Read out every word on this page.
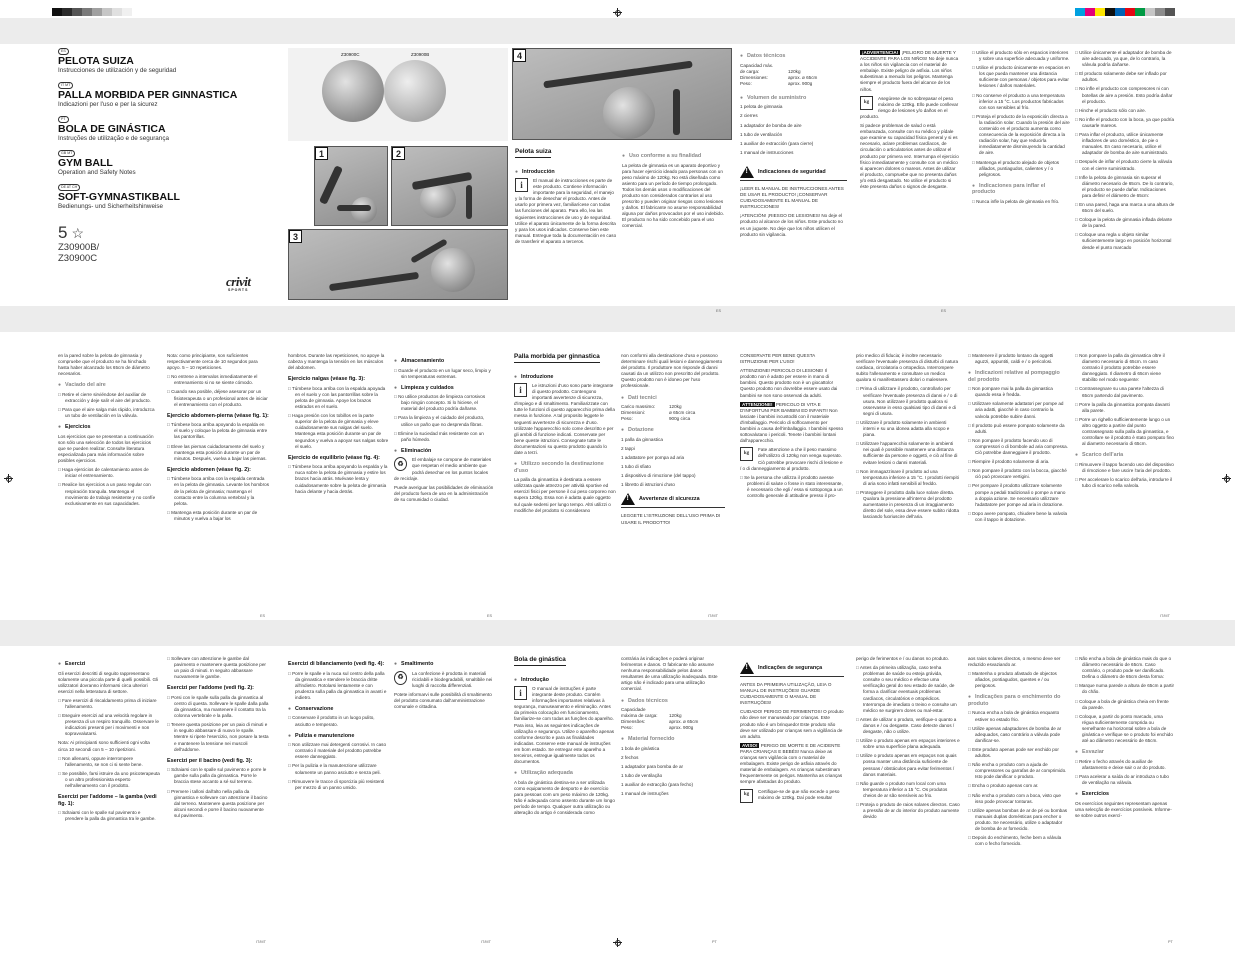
ES
PELOTA SUIZA
Instrucciones de utilización y de seguridad
IT MT
PALLA MORBIDA PER GINNASTICA
Indicazioni per l'uso e per la sicurez
PT
BOLA DE GINÁSTICA
Instruções de utilização e de segurança
GB MT
GYM BALL
Operation and Safety Notes
DE AT CH
SOFT-GYMNASTIKBALL
Bedienungs- und Sicherheitshinweise
5 ☆
Z30900B/
Z30900C
crivit
SPORTS
Z30900C	Z30900B
1	2
3
4
Pelota suiza
● Introducción

i	El manual de instrucciones es parte de este producto. Contiene información importante para la seguridad, el manejo y la forma de desechar el producto. Antes de usarlo por primera vez, familiarícese con todas las funciones del aparato. Para ello, lea las siguientes instrucciones de uso y de seguridad. Utilice el aparato únicamente de la forma descrita y para los usos indicados. Conserve bien este manual. Entregue toda la documentación en caso de transferir el aparato a terceros.

● Uso conforme a su finalidad

La pelota de gimnasia es un aparato deportivo y para hacer ejercicio ideado para personas con un peso máximo de 120kg. No está diseñada como asiento para un período de tiempo prolongado. Todos los demás usos o modificaciones del producto son considerados contrarios al uso prescrito y pueden originar riesgos como lesiones y daños. El fabricante no asume responsabilidad alguna por daños provocados por el uso indebido. El producto no ha sido concebido para el uso comercial.

● Datos técnicos
Capacidad máx.
de carga:	120kg
Dimensiones:	aprox. ø 65cm
Peso:	aprox. 900g
● Volumen de suministro

1 pelota de gimnasia

2 cierres

1 adaptador de bomba de aire

1 tubo de ventilación

1 auxiliar de extracción (para cierre)

1 manual de instrucciones

!
Indicaciones de seguridad

¡LEER EL MANUAL DE INSTRUCCIONES ANTES DE USAR EL PRODUCTO! ¡CONSERVAR CUIDADOSAMENTE EL MANUAL DE INSTRUCCIONES!

¡ATENCIÓN! ¡RIESGO DE LESIONES! No deje el producto al alcance de los niños. Este producto no es un juguete. No deje que los niños utilicen el producto sin vigilancia.

¡ADVERTENCIA! ¡PELIGRO DE MUERTE Y ACCIDENTE PARA LOS NIÑOS! No deje nunca a los niños sin vigilancia con el material de embalaje. Existe peligro de asfixia. Los niños subestiman a menudo los peligros. Mantenga siempre el producto fuera del alcance de los niños.

kg
Asegúrese de no sobrepasar el peso máximo de 120kg. Ello puede conllevar riesgo de lesiones y/o daños en el producto.

Si padece problemas de salud o está embarazada, consulte con su médico y pídale que examine su capacidad física general y si es necesario, aclare problemas cardíacos, de circulación o articulatorios antes de utilizar el producto por primera vez. Interrumpa el ejercicio físico inmediatamente y consulte con un médico si aparecen dolores o mareos. Antes de utilizar el producto, compruebe que no presenta daños y/o está desgastado. No utilice el producto si éste presenta daños o signos de desgaste.

□ Utilice el producto sólo en espacios interiores y sobre una superficie adecuada y uniforme.

□ Utilice el producto únicamente en espacios en los que pueda mantener una distancia suficiente con personas / objetos para evitar lesiones / daños materiales.

□ No conserve el producto a una temperatura inferior a 15 °C. Los productos fabricados con son sensibles al frío.

□ Proteja el producto de la exposición directa a la radiación solar. Cuando la presión del aire contenido en el producto aumenta como consecuencia de la exposición directa a la radiación solar, hay que reducirla inmediatamente disminuyendo la cantidad de aire.

□ Mantenga el producto alejado de objetos afilados, puntiagudos, calientes y / o peligrosos.

● Indicaciones para inflar el producto

□ Nunca infle la pelota de gimnasia en frío.

□ Utilice únicamente el adaptador de bomba de aire adecuado, ya que, de lo contrario, la válvula podría dañarse.

□ El producto solamente debe ser inflado por adultos.

□ No infle el producto con compresores ni con botellas de aire a presión. Esto podría dañar el producto.

□ Hinche el producto sólo con aire.

□ No infle el producto con la boca, ya que podría causarle mareos.

□ Para inflar el producto, utilice únicamente infladores de uso doméstico, de pie o manuales. En caso necesario, utilice el adaptador de bomba de aire suministrado.

□ Después de inflar el producto cierre la válvula con el cierre suministrado.

□ Infle la pelota de gimnasia sin superar el diámetro necesario de 65cm. De lo contrario, el producto se puede dañar. Indicaciones para definir el diámetro de 65cm:

□ En una pared, haga una marca a una altura de 65cm del suelo.

□ Coloque la pelota de gimnasia inflada delante de la pared.

□ Coloque una regla u objeto similar suficientemente largo en posición horizontal desde el punto marcado

ES	ES

en la pared sobre la pelota de gimnasia y compruebe que el producto se ha hinchado hasta haber alcanzado los 65cm de diámetro necesarios.

● Vaciado del aire

□ Retire el cierre sirviéndose del auxiliar de extracción y deje salir el aire del producto.

□ Para que el aire salga más rápido, introduzca un tubo de ventilación en la válvula.

● Ejercicios

Los ejercicios que se presentan a continuación son sólo una selección de todos los ejercicios que se pueden realizar. Consulte literatura especializada para más información sobre posibles ejercicios.

□ Haga ejercicios de calentamiento antes de iniciar el entrenamiento.

□ Realice los ejercicios a un paso regular con respiración tranquila. Mantenga el movimiento de trabajo resistente y no confíe exclusivamente en sus capacidades.

Nota: como principiante, son suficientes respectivamente cerca de 10 segundos para apoyo. 5 – 10 repeticiones.

□ No entrene a intervalos inmediatamente el entrenamiento si no se siente cómodo.

□ Cuando sea posible, déjese asesorar por un fisioterapeuta o un profesional antes de iniciar el entrenamiento con el producto.

Ejercicio abdomen-pierna (véase fig. 1):

□ Túmbese boca arriba apoyando la espalda en el suelo y coloque la pelota de gimnasia entre las pantorrillas.

□ Eleve las piernas cuidadosamente del suelo y mantenga esta posición durante un par de minutos. Después, vuelva a bajar las piernas.

Ejercicio abdomen (véase fig. 2):

□ Túmbese boca arriba con la espalda centrada en la pelota de gimnasia. Levante los hombros de la pelota de gimnasia; mantenga el contacto entre la columna vertebral y la pelota.

□ Mantenga esta posición durante un par de minutos y vuelva a bajar los

hombros. Durante las repeticiones, no apoye la cabeza y mantenga la tensión en los músculos del abdomen.

Ejercicio nalgas (véase fig. 3):

□ Túmbese boca arriba con la espalda apoyada en el suelo y con las pantorrillas sobre la pelota de gimnasia. Apoye los brazos estirados en el suelo.

□ Haga presión con los tobillos en la parte superior de la pelota de gimnasia y eleve cuidadosamente sus nalgas del suelo. Mantenga esta posición durante un par de segundos y vuelva a apoyar sus nalgas sobre el suelo.

Ejercicio de equilibrio (véase fig. 4):

□ Túmbese boca arriba apoyando la espalda y la nuca sobre la pelota de gimnasia y estire los brazos hacia atrás. Muévase lenta y cuidadosamente sobre la pelota de gimnasia hacia delante y hacia detrás.

● Almacenamiento

□ Guarde el producto en un lugar seco, limpio y sin temperaturas extremas.

● Limpieza y cuidados

□ No utilice productos de limpieza corrosivos bajo ningún concepto. Si lo hiciese, el material del producto podría dañarse.

□ Para la limpieza y el cuidado del producto, utilice un paño que no desprenda fibras.

□ Elimine la suciedad más resistente con un paño húmedo.

● Eliminación

♻
El embalaje se compone de materiales que respetan el medio ambiente que podrá desechar en los puntos locales de reciclaje.

Puede averiguar las posibilidades de eliminación del producto fuera de uso en la administración de su comunidad o ciudad.

Palla morbida per ginnastica
● Introduzione

i	Le istruzioni d'uso sono parte integrante di questo prodotto. Contengono importanti avvertenze di sicurezza, d'impiego e di smaltimento. Familiarizzate con tutte le funzioni di questo apparecchio prima della messa in funzione. A tal proposito leggete le seguenti avvertenze di sicurezza e d'uso. Utilizzate l'apparecchio solo come descritto e per gli ambiti di funzione indicati. Conservate per bene queste istruzioni. Consegnate tutte le documentazioni su questo prodotto quando lo date a terzi.

● Utilizzo secondo la destinazione d'uso

La palla da ginnastica è destinata a essere utilizzata quale attrezzo per attività sportive ed esercizi fisici per persone il cui peso corporeo non supera 120kg. Essa non è adatta quale oggetto sul quale sedersi per lungo tempo. Altri utilizzi o modifiche del prodotto si considerano

non conformi alla destinazione d'uso e possono determinare rischi quali lesioni e danneggiamento del prodotto. Il produttore non risponde di danni causati da un utilizzo non prescritto del prodotto. Questo prodotto non è idoneo per l'uso professionale.

● Dati tecnici
Carico massimo:	120kg
Dimensioni:	ø 65cm circa
Peso:	900g circa
● Dotazione

1 palla da ginnastica

2 tappi

1 adattatore per pompa ad aria

1 tubo di sfiato

1 dispositivo di rimozione (del tappo)

1 libretto di istruzioni d'uso

!
Avvertenze di sicurezza

LEGGETE L'ISTRUZIONE DELL'USO PRIMA DI USARE IL PRODOTTO!

CONSERVATE PER BENE QUESTA ISTRUZIONE PER L'USO!

ATTENZIONE! PERICOLO DI LESIONE! Il prodotto non è adatto per essere in mano di bambini. Questo prodotto non è un giocattolo! Questo prodotto non dovrebbe essere usato dai bambini se non sono osservati da adulti.

ATTENZIONE! PERICOLO DI VITA E D'INFORTUNI PER BAMBINI ED INFANTI! Non lasciate i bambini incustoditi con il materiale d'imballaggio. Pericolo di soffocamento per bambini a causa dell'imballaggio. I bambini spesso sottovalutano i pericoli. Tenete i bambini lontani dall'apparecchio.

kg
Fate attenzione a che il peso massimo dell'utilizzo di 120kg non venga superato. Ciò potrebbe provocare rischi di lesione e / o di danneggiamento al prodotto.

□ Se la persona che utilizza il prodotto avesse problemi di salute o fosse in stato interessante, è necessario che egli / essa si sottoponga a un controllo generale di attitudine presso il pro-

prio medico di fiducia; è inoltre necessario verificare l'eventuale presenza di disturbi di natura cardiaca, circolatoria o ortopedica. Interrompere subito l'allenamento e consultare un medico qualora si manifestassero dolori o malessere.

□ Prima di utilizzare il prodotto, controllarlo per verificare l'eventuale presenza di danni e / o di usura. Non utilizzare il prodotto qualora si osservasse in esso qualsiasi tipo di danni e di segni di usura.

□ Utilizzare il prodotto solamente in ambienti interni e su una idonea adatta alla scopo e piana.

□ Utilizzare l'apparecchio solamente in ambienti nei quali è possibile mantenere una distanza sufficiente da persone e oggetti, e ciò al fine di evitare lesioni o danni materiali.

□ Non immagazzinare il prodotto ad una temperatura inferiore a 15 °C. I prodotti riempiti di aria sono infatti sensibili al freddo.

□ Proteggere il prodotto dalla luce solare diretta. Qualora la pressione all'interno del prodotto aumentasse in presenza di un irraggiamento diretto del sole, essa deve essere subito ridotta lasciando fuoriuscire dell'aria.

□ Mantenere il prodotto lontano da oggetti aguzzi, appuntiti, caldi e / o pericolosi.

● Indicazioni relative al pompaggio del prodotto

□ Non pompare mai la palla da ginnastica quando essa è fredda.

□ Utilizzare solamente adattatori per pompe ad aria adatti, giacché in caso contrario la valvola potrebbe subire danni.

□ Il prodotto può essere pompato solamente da adulti.

□ Non pompare il prodotto facendo uso di compressori o di bombole ad aria compressa. Ciò potrebbe danneggiare il prodotto.

□ Riempire il prodotto solamente di aria.

□ Non pompare il prodotto con la bocca, giacché ciò può provocare vertigini.

□ Per pompare il prodotto utilizzare solamente pompe a pedali tradizionali o pompe a mano a doppia azione. Se necessario utilizzare l'adattatore per pompe ad aria in dotazione.

□ Dopo avere pompato, chiudere bene la valvola con il tappo in dotazione.

□ Non pompare la palla da ginnastica oltre il diametro necessario di 65cm. In caso contrario il prodotto potrebbe essere danneggiato. Il diametro di 65cm viene stabilito nel modo seguente:

□ Contrassegnare su una parete l'altezza di 65cm partendo dal pavimento.

□ Porre la palla da ginnastica pompata davanti alla parete.

□ Porre un righello sufficientemente lungo o un altro oggetto a partire dal punto contrassegnato sulla palla da ginnastica, e controllare se il prodotto è stato pompato fino al diametro necessario di 65cm.

● Scarico dell'aria

□ Rimuovere il tappo facendo uso del dispositivo di rimozione e fare uscire l'aria del prodotto.

□ Per accelerare lo scarico dell'aria, introdurre il tubo di scarico nella valvola.

ES	ES	IT/MT	IT/MT
● Esercizi

Gli esercizi descritti di seguito rappresentano solamente una piccola parte di quelli possibili. Gli utilizzatori dovranno informarsi circa ulteriori esercizi nella letteratura di settore.

□ Fare esercizi di riscaldamento prima di iniziare l'allenamento.

□ Eseguire esercizi ad una velocità regolare in presenza di un respiro tranquillo. Osservare le indicazioni presenti per i movimenti e non sopravvalutarsi.

Nota: Ai principianti sono sufficienti ogni volta circa 10 secondi con 5 – 10 ripetizioni.

□ Non allenarsi, oppure interrompere l'allenamento, se non ci si sente bene.

□ Se possibile, farsi istruire da uno psicoterapeuta o un altro professionista esperto nell'allenamento con il prodotto.

Esercizi per l'addome – la gamba (vedi fig. 1):

□ Sdraiarsi con le spalle sul pavimento e prendere la palla da ginnastica tra le gambe.

□ Sollevare con attenzione le gambe dal pavimento e mantenere questa posizione per un paio di minuti. In seguito abbassare nuovamente le gambe.

Esercizi per l'addome (vedi fig. 2):

□ Porsi con le spalle sulla palla da ginnastica al centro di questa. Sollevare le spalle dalla palla da ginnastica, ma mantenere il contatto tra la colonna vertebrale e la palla.

□ Tenere questa posizione per un paio di minuti e in seguito abbassare di nuovo le spalle. Mentre si ripete l'esercizio, non posare la testa e mantenere la tensione nei muscoli dell'addome.

Esercizi per il bacino (vedi fig. 3):

□ Sdraiarsi con le spalle sul pavimento e porre le gambe sulla palla da ginnastica. Porre le braccia stese accanto a sé sul terreno.

□ Premere i talloni dall'alto nella palla da ginnastica e sollevare con attenzione il bacino dal terreno. Mantenere questa posizione per alcuni secondi e porre il bacino nuovamente sul pavimento.

Esercizi di bilanciamento (vedi fig. 4):

□ Porre le spalle e la nuca sul centro della palla da ginnastica e stendere le braccia dritte all'indietro. Rotolarsi lentamente e con prudenza sulla palla da ginnastica in avanti e indietro.

● Conservazione

□ Conservare il prodotto in un luogo pulito, asciutto e temperato.

● Pulizia e manutenzione

□ Non utilizzare mai detergenti corrosivi. In caso contrario il materiale del prodotto potrebbe essere danneggiato.

□ Per la pulizia e la manutenzione utilizzare solamente un panno asciutto e senza peli.

□ Rimuovere le tracce di sporcizia più resistenti per mezzo di un panno umido.

● Smaltimento

♻
La confezione è prodotta in materiali riciclabili e biodegradabili, smaltibile nei luoghi di raccolta differenziati.

Potete informarvi sulle possibilità di smaltimento del prodotto consumato dall'amministrazione comunale e cittadina.

Bola de ginástica
● Introdução

i	O manual de instruções é parte integrante deste produto. Contém informações importantes relativas à segurança, manuseamento e eliminação. Antes da primeira colocação em funcionamento, familiarize-se com todas as funções do aparelho. Para isso, leia as seguintes indicações de utilização e segurança. Utilize o aparelho apenas conforme descrito e para as finalidades indicadas. Conserve este manual de instruções em bom estado. Se entregar este aparelho a terceiros, entregue igualmente todos os documentos.

● Utilização adequada

A bola de ginástica destina-se a ser utilizada como equipamento de desporto e de exercício para pessoas com um peso máximo de 120kg. Não é adequada como assento durante um longo período de tempo. Qualquer outra utilização ou alteração do artigo é considerada como

contrária às indicações e poderá originar ferimentos e danos. O fabricante não assume nenhuma responsabilidade pelos danos resultantes de uma utilização inadequada. Este artigo não é indicado para uma utilização comercial.

● Dados técnicos
Capacidade
máxima de carga:	120kg
Dimensões:	aprox. ø 65cm
Peso:	aprox. 900g
● Material fornecido

1 bola de ginástica

2 fechos

1 adaptador para bomba de ar

1 tubo de ventilação

1 auxiliar de extracção (para fecho)

1 manual de instruções

!
Indicações de segurança

ANTES DA PRIMEIRA UTILIZAÇÃO, LEIA O MANUAL DE INSTRUÇÕES! GUARDE CUIDADOSAMENTE O MANUAL DE INSTRUÇÕES!

CUIDADO! PERIGO DE FERIMENTOS! O produto não deve ser manuseado por crianças. Este produto não é um brinquedo! Este produto não deve ser utilizado por crianças sem a vigilância de um adulto.

AVISO! PERIGO DE MORTE E DE ACIDENTE PARA CRIANÇAS E BEBÉS! Nunca deixe as crianças sem vigilância com o material de embalagem. Existe perigo de asfixia através do material de embalagem. As crianças subestimam frequentemente os perigos. Mantenha as crianças sempre afastadas do produto.

kg
Certifique-se de que não excede o peso máximo de 120kg. Daí pode resultar

perigo de ferimentos e / ou danos no produto.

□ Antes da primeira utilização, caso tenha problemas de saúde ou esteja grávida, consulte o seu médico e efectue uma verificação geral do seu estado de saúde, de forma a clarificar eventuais problemas cardíacos, circulatórios e ortopédicos. Interrompa de imediato o treino e consulte um médico se surgirem dores ou mal-estar.

□ Antes de utilizar o produto, verifique-o quanto a danos e / ou desgaste. Caso detecte danos / desgaste, não o utilize.

□ Utilize o produto apenas em espaços interiores e sobre uma superfície plana adequada.

□ Utilize o produto apenas em espaços nos quais possa manter uma distância suficiente de pessoas / obstáculos para evitar ferimentos / danos materiais.

□ Não guarde o produto num local com uma temperatura inferior a 15 °C. Os produtos cheios de ar são sensíveis ao frio.

□ Proteja o produto de raios solares directos. Caso a pressão de ar do interior do produto aumente devido

aos raios solares directos, o mesmo deve ser reduzido esvaziando ar.

□ Mantenha o produto afastado de objectos afiados, pontiagudos, quentes e / ou perigosos.

● Indicações para o enchimento do produto

□ Nunca encha a bola de ginástica enquanto estiver no estado frio.

□ Utilize apenas adaptadores de bomba de ar adequados, caso contrário a válvula pode danificar-se.

□ Este produto apenas pode ser enchido por adultos.

□ Não encha o produto com a ajuda de compressores ou garrafas de ar comprimido. Isto pode danificar o produto.

□ Encha o produto apenas com ar.

□ Não encha o produto com a boca, visto que isso pode provocar tonturas.

□ Utilize apenas bombas de ar de pé ou bombas manuais duplas domésticas para encher o produto. Se necessário, utilize o adaptador de bomba de ar fornecido.

□ Depois do enchimento, feche bem a válvula com o fecho fornecido.

□ Não encha a bola de ginástica mais do que o diâmetro necessário de 65cm. Caso contrário, o produto pode ser danificado. Defina o diâmetro de 65cm desta forma:

□ Marque numa parede a altura de 65cm a partir do chão.

□ Coloque a bola de ginástica cheia em frente da parede.

□ Coloque, a partir do ponto marcado, uma régua suficientemente comprida ou semelhante na horizontal sobre a bola de ginástica e verifique se o produto foi enchido até ao diâmetro necessário de 65cm.

● Esvaziar

□ Retire o fecho através do auxiliar de afastamento e deixe sair o ar do produto.

□ Para acelerar a saída do ar introduza o tubo de ventilação na válvula.

● Exercícios

Os exercícios seguintes representam apenas uma selecção de exercícios possíveis. Informe-se sobre outros exercí-

IT/MT	IT/MT	PT	PT
